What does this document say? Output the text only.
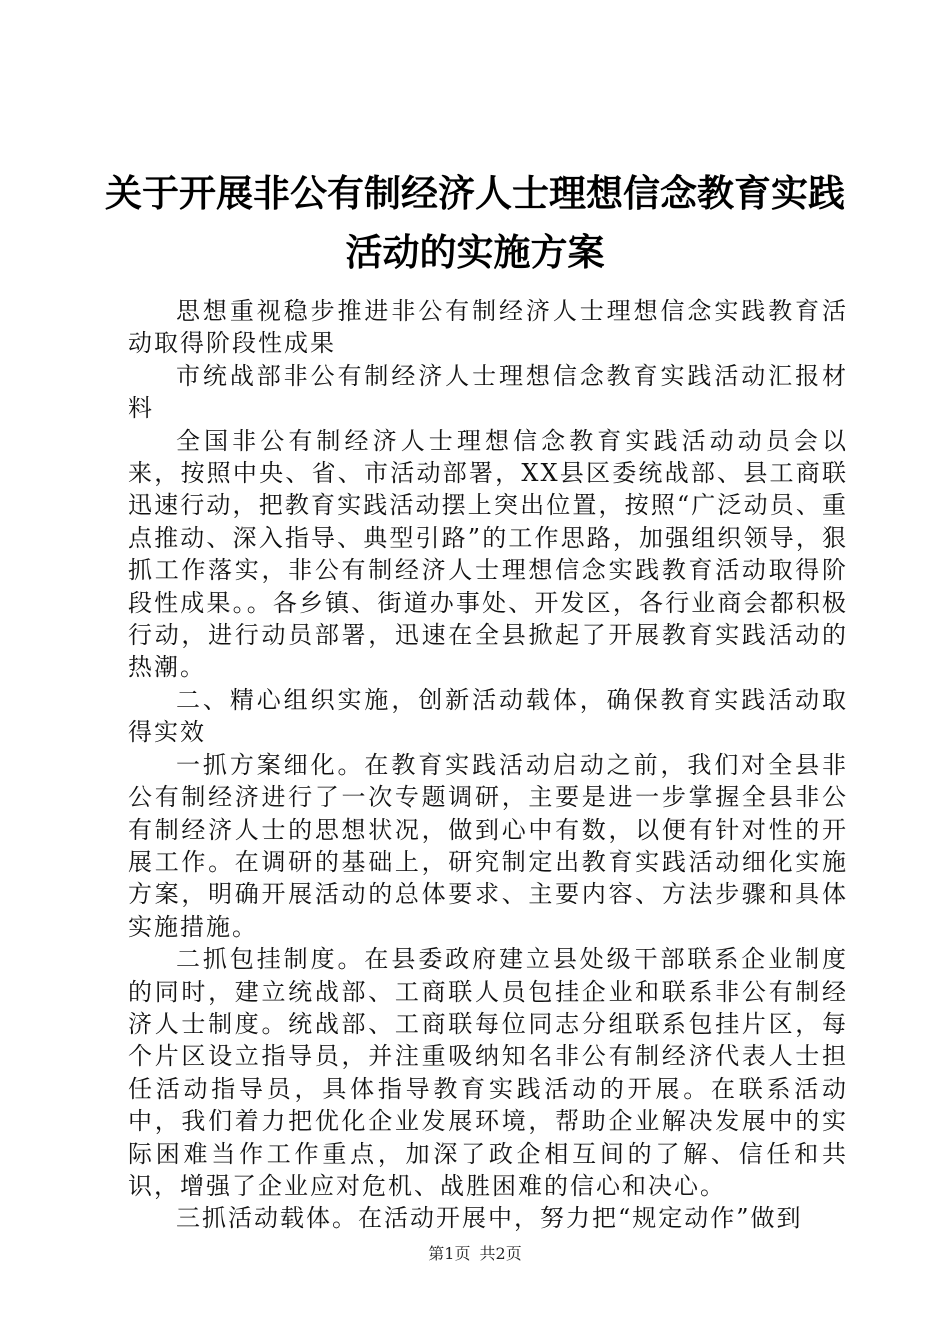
关于开展非公有制经济人士理想信念教育实践
活动的实施方案

思想重视稳步推进非公有制经济人士理想信念实践教育活动取得阶段性成果

市统战部非公有制经济人士理想信念教育实践活动汇报材料

全国非公有制经济人士理想信念教育实践活动动员会以来，按照中央、省、市活动部署，XX县区委统战部、县工商联迅速行动，把教育实践活动摆上突出位置，按照“广泛动员、重点推动、深入指导、典型引路”的工作思路，加强组织领导，狠抓工作落实，非公有制经济人士理想信念实践教育活动取得阶段性成果。。各乡镇、街道办事处、开发区，各行业商会都积极行动，进行动员部署，迅速在全县掀起了开展教育实践活动的热潮。

二、精心组织实施，创新活动载体，确保教育实践活动取得实效

一抓方案细化。在教育实践活动启动之前，我们对全县非公有制经济进行了一次专题调研，主要是进一步掌握全县非公有制经济人士的思想状况，做到心中有数，以便有针对性的开展工作。在调研的基础上，研究制定出教育实践活动细化实施方案，明确开展活动的总体要求、主要内容、方法步骤和具体实施措施。

二抓包挂制度。在县委政府建立县处级干部联系企业制度的同时，建立统战部、工商联人员包挂企业和联系非公有制经济人士制度。统战部、工商联每位同志分组联系包挂片区，每个片区设立指导员，并注重吸纳知名非公有制经济代表人士担任活动指导员，具体指导教育实践活动的开展。在联系活动中，我们着力把优化企业发展环境，帮助企业解决发展中的实际困难当作工作重点，加深了政企相互间的了解、信任和共识，增强了企业应对危机、战胜困难的信心和决心。

三抓活动载体。在活动开展中，努力把“规定动作”做到

第1页 共2页
